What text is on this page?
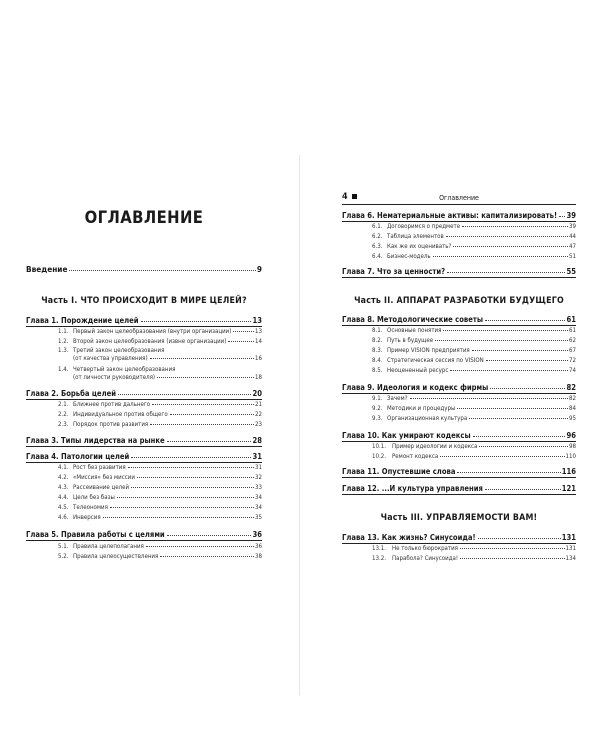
ОГЛАВЛЕНИЕ
Введение	9
Часть I. ЧТО ПРОИСХОДИТ В МИРЕ ЦЕЛЕЙ?
Глава 1. Порождение целей	13
1.1. Первый закон целеобразования (внутри организации)	13
1.2. Второй закон целеобразования (извне организации)	14
1.3. Третий закон целеобразования
(от качества управления)	16
1.4. Четвертый закон целеобразования
(от личности руководителя)	18
Глава 2. Борьба целей	20
2.1. Ближнее против дальнего	21
2.2. Индивидуальное против общего	22
2.3. Порядок против развития	23
Глава 3. Типы лидерства на рынке	28
Глава 4. Патологии целей	31
4.1. Рост без развития	31
4.2. «Миссия» без миссии	32
4.3. Рассеивание целей	33
4.4. Цели без базы	34
4.5. Телеономия	34
4.6. Инверсия	35
Глава 5. Правила работы с целями	36
5.1. Правила целеполагания	36
5.2. Правила целеосуществления	38
4	Оглавление
Глава 6. Нематериальные активы: капитализировать! 39
6.1. Договоримся о предмете	39
6.2. Таблица элементов	44
6.3. Как же их оценивать?	47
6.4. Бизнес-модель	51
Глава 7. Что за ценности?	55
Часть II. АППАРАТ РАЗРАБОТКИ БУДУЩЕГО
Глава 8. Методологические советы	61
8.1. Основные понятия	61
8.2. Путь в будущее	62
8.3. Пример VISION предприятия	67
8.4. Стратегическая сессия по VISION	72
8.5. Неоцененный ресурс	74
Глава 9. Идеология и кодекс фирмы	82
9.1. Зачем?	82
9.2. Методики и процедуры	84
9.3. Организационная культура	95
Глава 10. Как умирают кодексы	96
10.1. Пример идеологии и кодекса	98
10.2. Ремонт кодекса	110
Глава 11. Опустевшие слова	116
Глава 12. ...И культура управления	121
Часть III. УПРАВЛЯЕМОСТИ ВАМ!
Глава 13. Как жизнь? Синусоида!	131
13.1. Не только бюрократия	131
13.2. Парабола? Синусоида!	134
